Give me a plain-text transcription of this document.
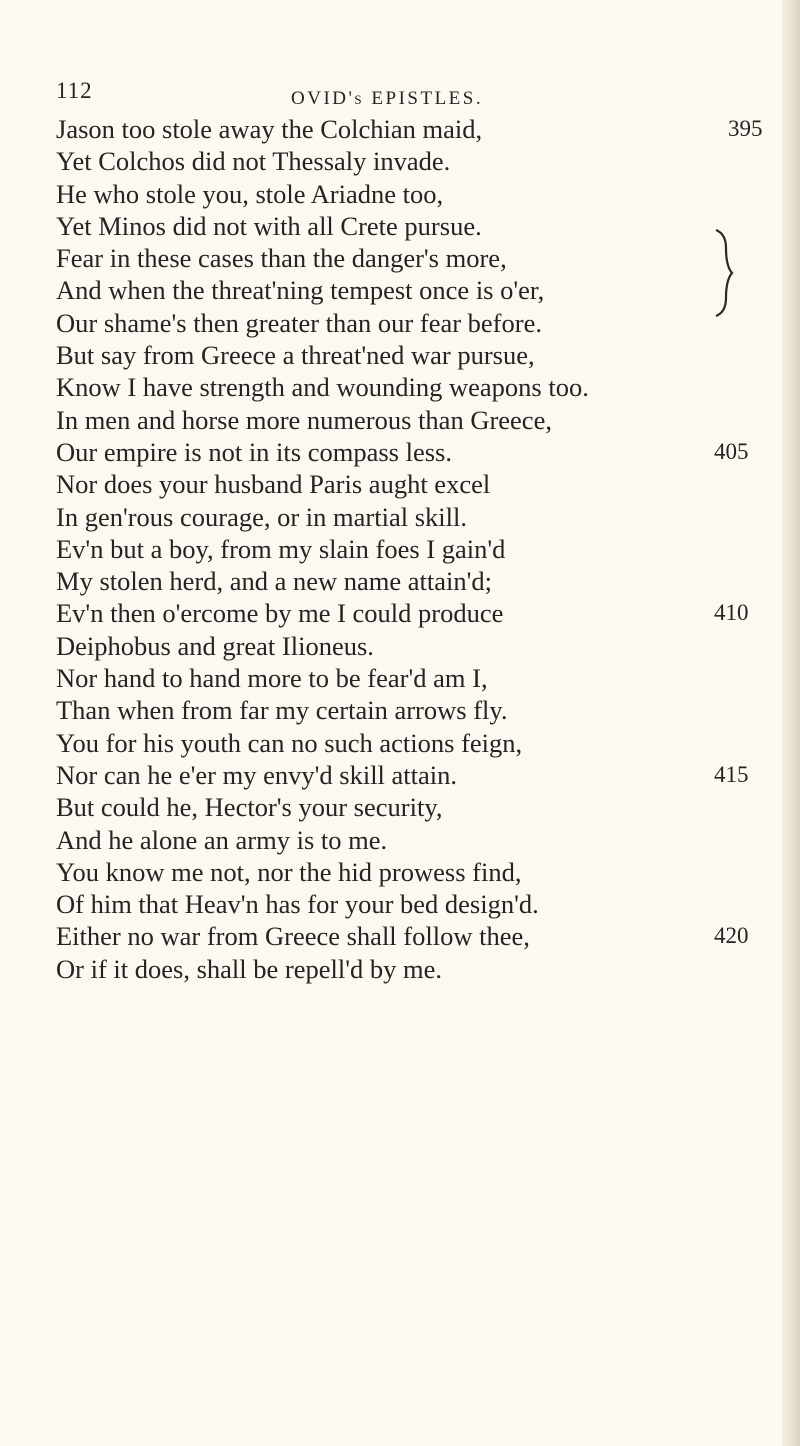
112	OVID's EPISTLES.
Jason too stole away the Colchian maid,	395
Yet Colchos did not Thessaly invade.
He who stole you, stole Ariadne too,
Yet Minos did not with all Crete pursue.
Fear in these cases than the danger's more,
And when the threat'ning tempest once is o'er,
Our shame's then greater than our fear before.
But say from Greece a threat'ned war pursue,
Know I have strength and wounding weapons too.
In men and horse more numerous than Greece,
Our empire is not in its compass less.	405
Nor does your husband Paris aught excel
In gen'rous courage, or in martial skill.
Ev'n but a boy, from my slain foes I gain'd
My stolen herd, and a new name attain'd;
Ev'n then o'ercome by me I could produce	410
Deiphobus and great Ilioneus.
Nor hand to hand more to be fear'd am I,
Than when from far my certain arrows fly.
You for his youth can no such actions feign,
Nor can he e'er my envy'd skill attain.	415
But could he, Hector's your security,
And he alone an army is to me.
You know me not, nor the hid prowess find,
Of him that Heav'n has for your bed design'd.
Either no war from Greece shall follow thee,	420
Or if it does, shall be repell'd by me.
